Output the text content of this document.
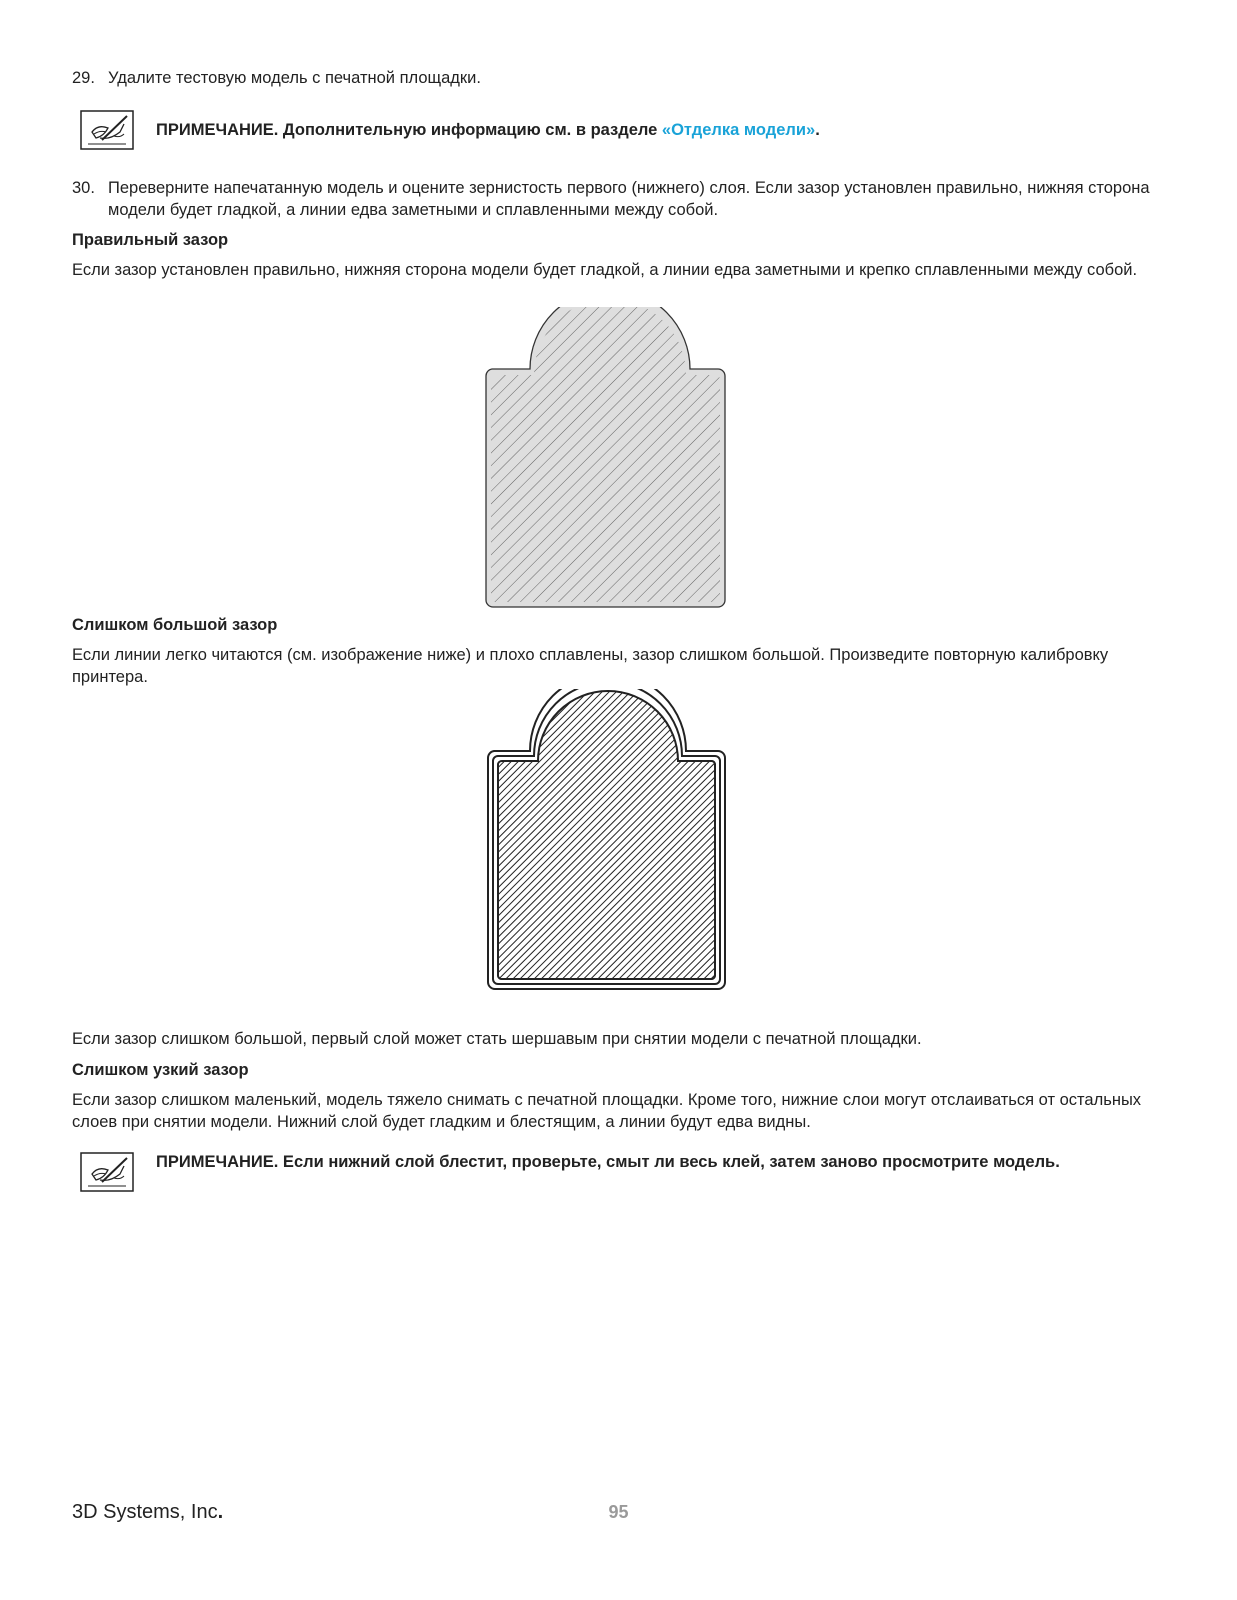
29. Удалите тестовую модель с печатной площадки.
ПРИМЕЧАНИЕ. Дополнительную информацию см. в разделе «Отделка модели».
30. Переверните напечатанную модель и оцените зернистость первого (нижнего) слоя. Если зазор установлен правильно, нижняя сторона модели будет гладкой, а линии едва заметными и сплавленными между собой.
Правильный зазор
Если зазор установлен правильно, нижняя сторона модели будет гладкой, а линии едва заметными и крепко сплавленными между собой.
Слишком большой зазор
Если линии легко читаются (см. изображение ниже) и плохо сплавлены, зазор слишком большой. Произведите повторную калибровку принтера.
Если зазор слишком большой, первый слой может стать шершавым при снятии модели с печатной площадки.
Слишком узкий зазор
Если зазор слишком маленький, модель тяжело снимать с печатной площадки. Кроме того, нижние слои могут отслаиваться от остальных слоев при снятии модели. Нижний слой будет гладким и блестящим, а линии будут едва видны.
ПРИМЕЧАНИЕ. Если нижний слой блестит, проверьте, смыт ли весь клей, затем заново просмотрите модель.
3D Systems, Inc.	95
